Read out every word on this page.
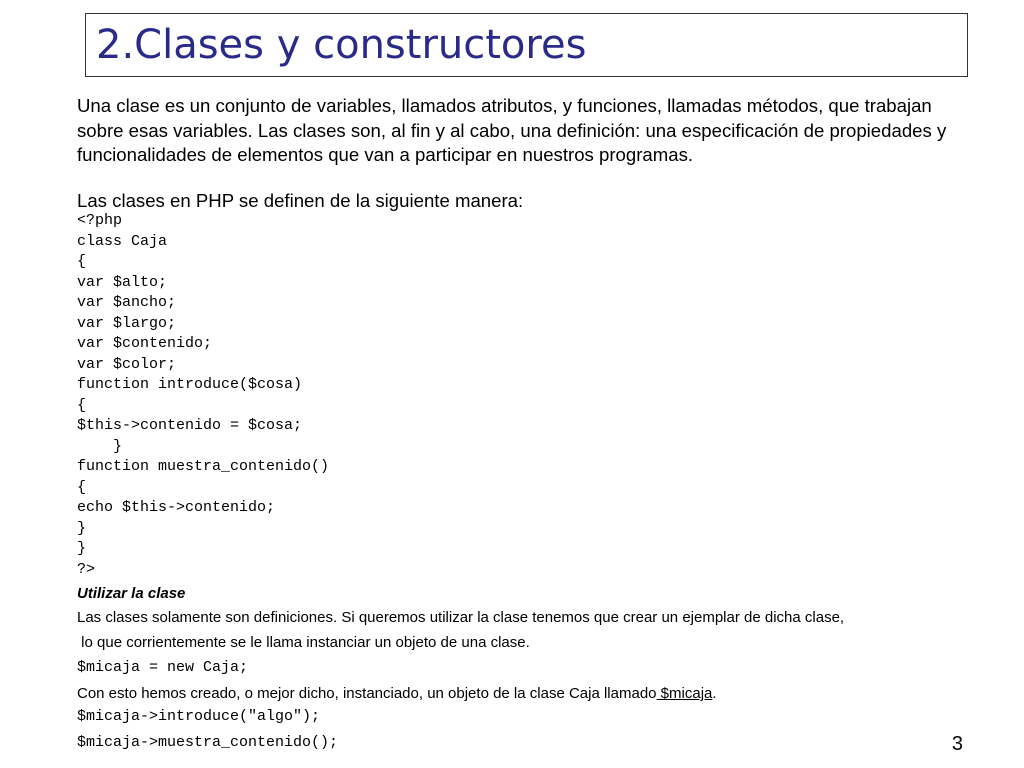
2.Clases y constructores

Una clase es un conjunto de variables, llamados atributos, y funciones, llamadas métodos, que trabajan sobre esas variables. Las clases son, al fin y al cabo, una definición: una especificación de propiedades y funcionalidades de elementos que van a participar en nuestros programas.

Las clases en PHP se definen de la siguiente manera:

<?php
class Caja
{
var $alto;
var $ancho;
var $largo;
var $contenido;
var $color;
function introduce($cosa)
{
$this->contenido = $cosa;
}
function muestra_contenido()
{
echo $this->contenido;
}
}
?>

Utilizar la clase

Las clases solamente son definiciones. Si queremos utilizar la clase tenemos que crear un ejemplar de dicha clase,

lo que corrientemente se le llama instanciar un objeto de una clase.

$micaja = new Caja;

Con esto hemos creado, o mejor dicho, instanciado, un objeto de la clase Caja llamado $micaja.

$micaja->introduce("algo");

$micaja->muestra_contenido();	3
